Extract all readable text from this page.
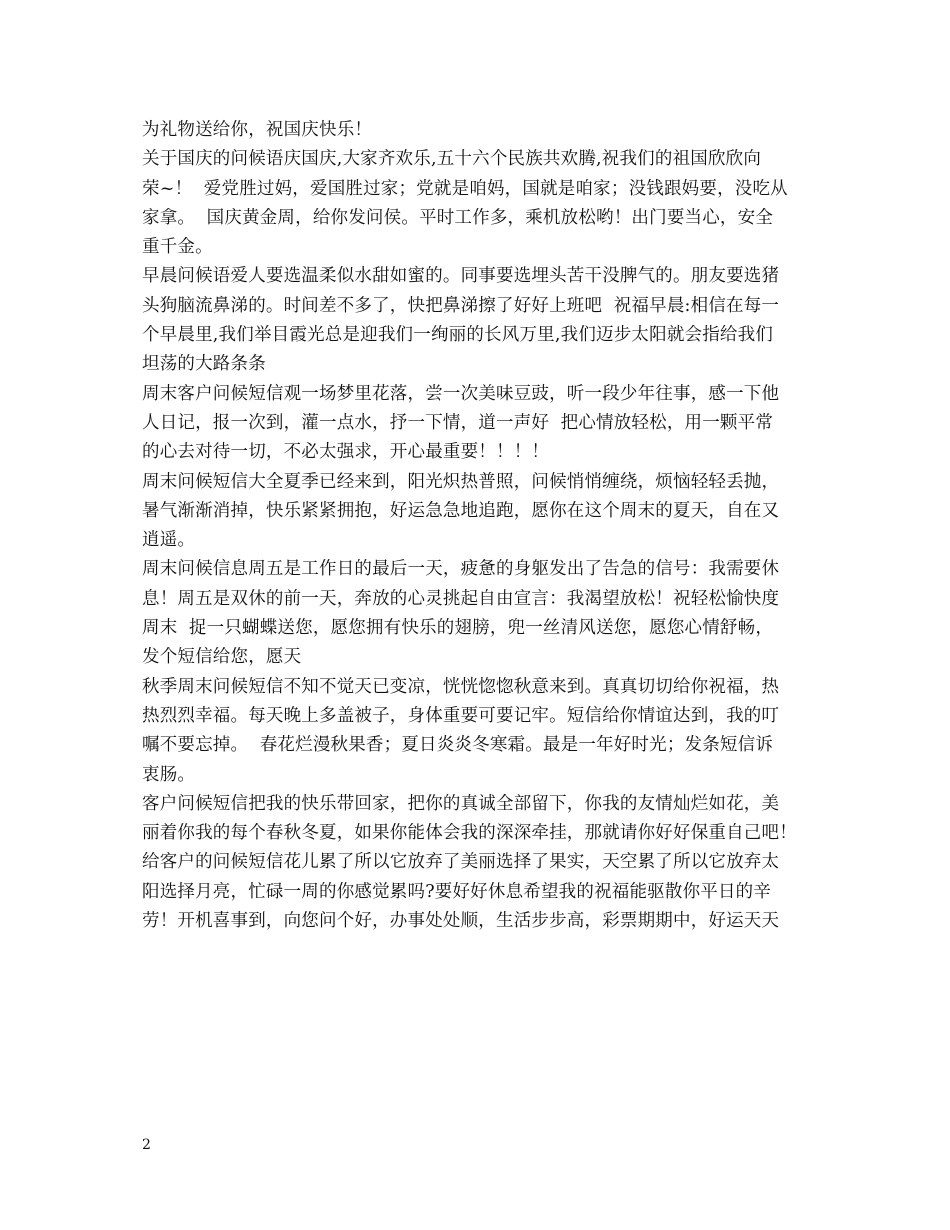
为礼物送给你，祝国庆快乐！
关于国庆的问候语庆国庆,大家齐欢乐,五十六个民族共欢腾,祝我们的祖国欣欣向
荣~！  爱党胜过妈，爱国胜过家；党就是咱妈，国就是咱家；没钱跟妈要，没吃从
家拿。  国庆黄金周，给你发问侯。平时工作多，乘机放松哟！出门要当心，安全
重千金。
早晨问候语爱人要选温柔似水甜如蜜的。同事要选埋头苦干没脾气的。朋友要选猪
头狗脑流鼻涕的。时间差不多了，快把鼻涕擦了好好上班吧  祝福早晨:相信在每一
个早晨里,我们举目霞光总是迎我们一绚丽的长风万里,我们迈步太阳就会指给我们
坦荡的大路条条
周末客户问候短信观一场梦里花落，尝一次美味豆豉，听一段少年往事，感一下他
人日记，报一次到，灌一点水，抒一下情，道一声好  把心情放轻松，用一颗平常
的心去对待一切，不必太强求，开心最重要！！！！
周末问候短信大全夏季已经来到，阳光炽热普照，问候悄悄缠绕，烦恼轻轻丢抛，
暑气渐渐消掉，快乐紧紧拥抱，好运急急地追跑，愿你在这个周末的夏天，自在又
逍遥。
周末问候信息周五是工作日的最后一天，疲惫的身躯发出了告急的信号：我需要休
息！周五是双休的前一天，奔放的心灵挑起自由宣言：我渴望放松！祝轻松愉快度
周末  捉一只蝴蝶送您，愿您拥有快乐的翅膀，兜一丝清风送您，愿您心情舒畅，
发个短信给您，愿天
秋季周末问候短信不知不觉天已变凉，恍恍惚惚秋意来到。真真切切给你祝福，热
热烈烈幸福。每天晚上多盖被子，身体重要可要记牢。短信给你情谊达到，我的叮
嘱不要忘掉。  春花烂漫秋果香；夏日炎炎冬寒霜。最是一年好时光；发条短信诉
衷肠。
客户问候短信把我的快乐带回家，把你的真诚全部留下，你我的友情灿烂如花，美
丽着你我的每个春秋冬夏，如果你能体会我的深深牵挂，那就请你好好保重自己吧！
给客户的问候短信花儿累了所以它放弃了美丽选择了果实，天空累了所以它放弃太
阳选择月亮，忙碌一周的你感觉累吗?要好好休息希望我的祝福能驱散你平日的辛
劳！开机喜事到，向您问个好，办事处处顺，生活步步高，彩票期期中，好运天天
2
